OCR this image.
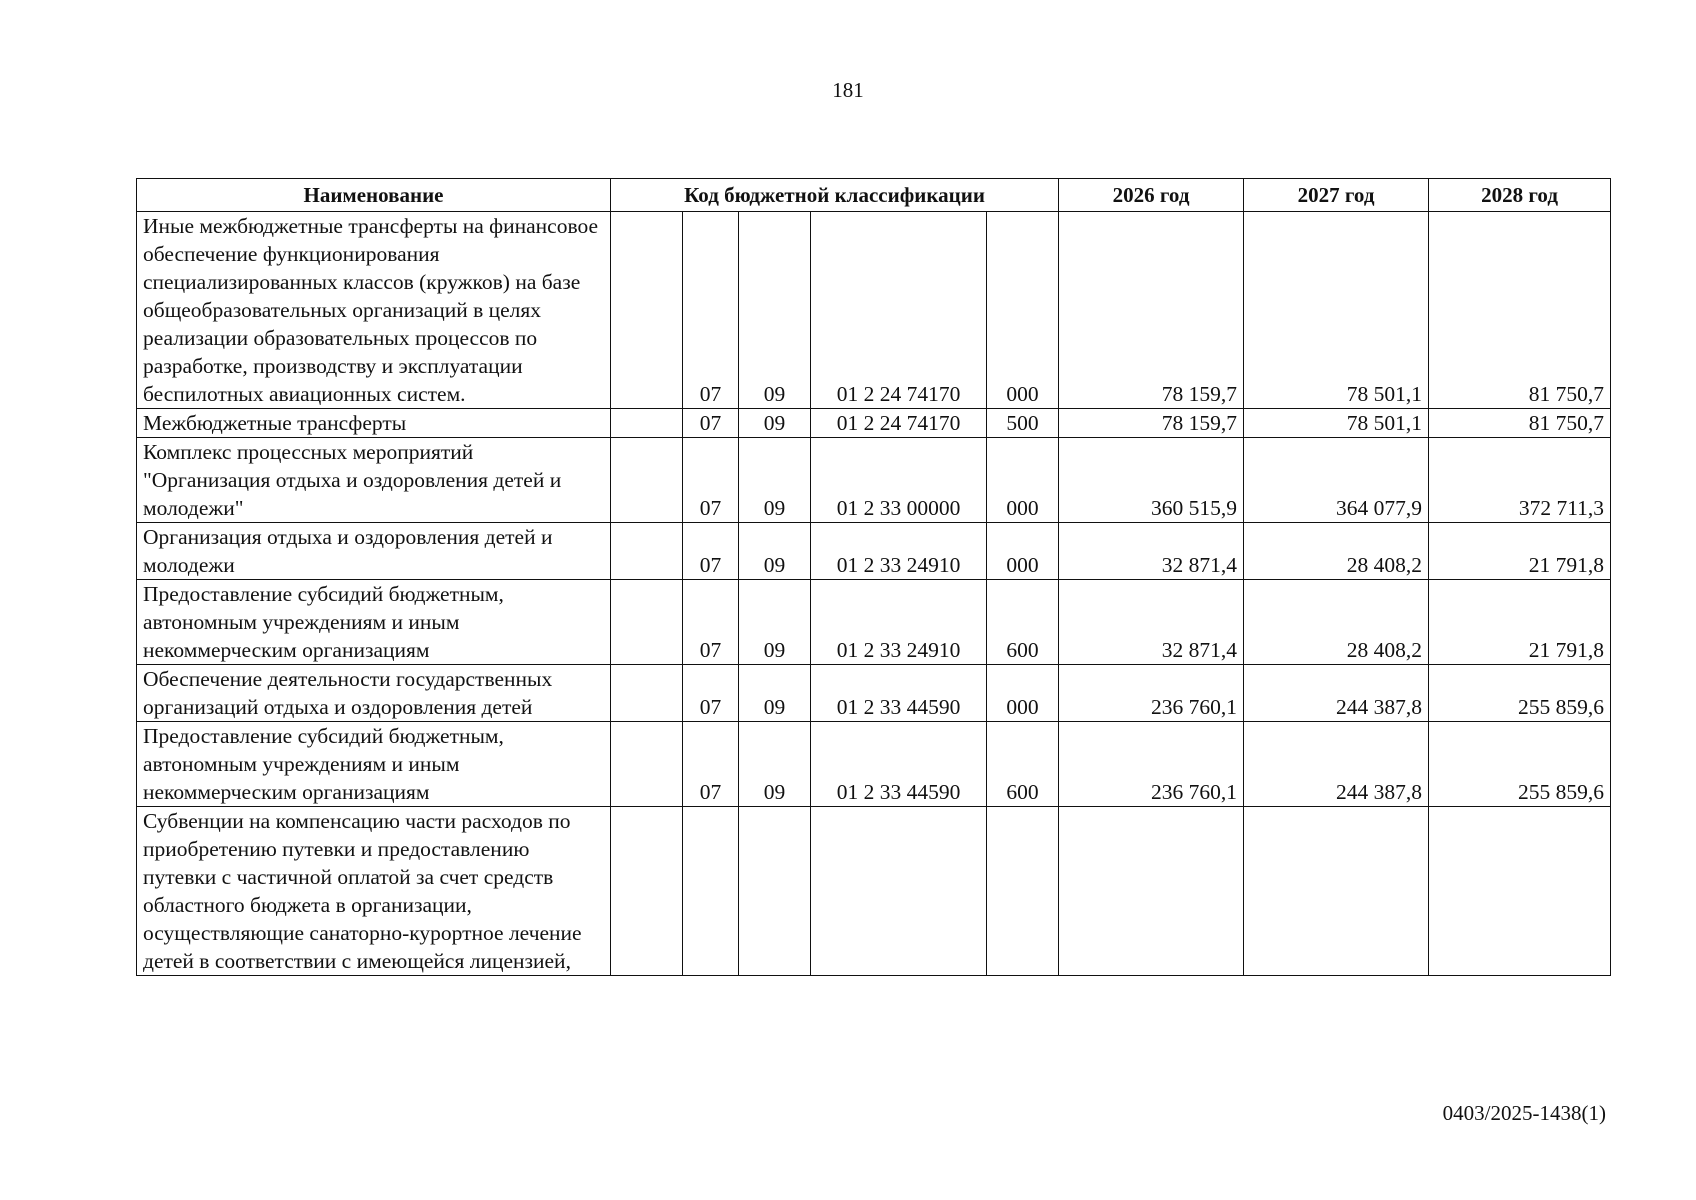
181
Наименование	Код бюджетной классификации					2026 год	2027 год	2028 год
Иные межбюджетные трансферты на финансовое обеспечение функционирования специализированных классов (кружков) на базе общеобразовательных организаций в целях реализации образовательных процессов по разработке, производству и эксплуатации беспилотных авиационных систем.		07	09	01 2 24 74170	000	78 159,7	78 501,1	81 750,7
Межбюджетные трансферты		07	09	01 2 24 74170	500	78 159,7	78 501,1	81 750,7
Комплекс процессных мероприятий "Организация отдыха и оздоровления детей и молодежи"		07	09	01 2 33 00000	000	360 515,9	364 077,9	372 711,3
Организация отдыха и оздоровления детей и молодежи		07	09	01 2 33 24910	000	32 871,4	28 408,2	21 791,8
Предоставление субсидий бюджетным, автономным учреждениям и иным некоммерческим организациям		07	09	01 2 33 24910	600	32 871,4	28 408,2	21 791,8
Обеспечение деятельности государственных организаций отдыха и оздоровления детей		07	09	01 2 33 44590	000	236 760,1	244 387,8	255 859,6
Предоставление субсидий бюджетным, автономным учреждениям и иным некоммерческим организациям		07	09	01 2 33 44590	600	236 760,1	244 387,8	255 859,6
Субвенции на компенсацию части расходов по приобретению путевки и предоставлению путевки с частичной оплатой за счет средств областного бюджета в организации, осуществляющие санаторно-курортное лечение детей в соответствии с имеющейся лицензией,								
0403/2025-1438(1)
